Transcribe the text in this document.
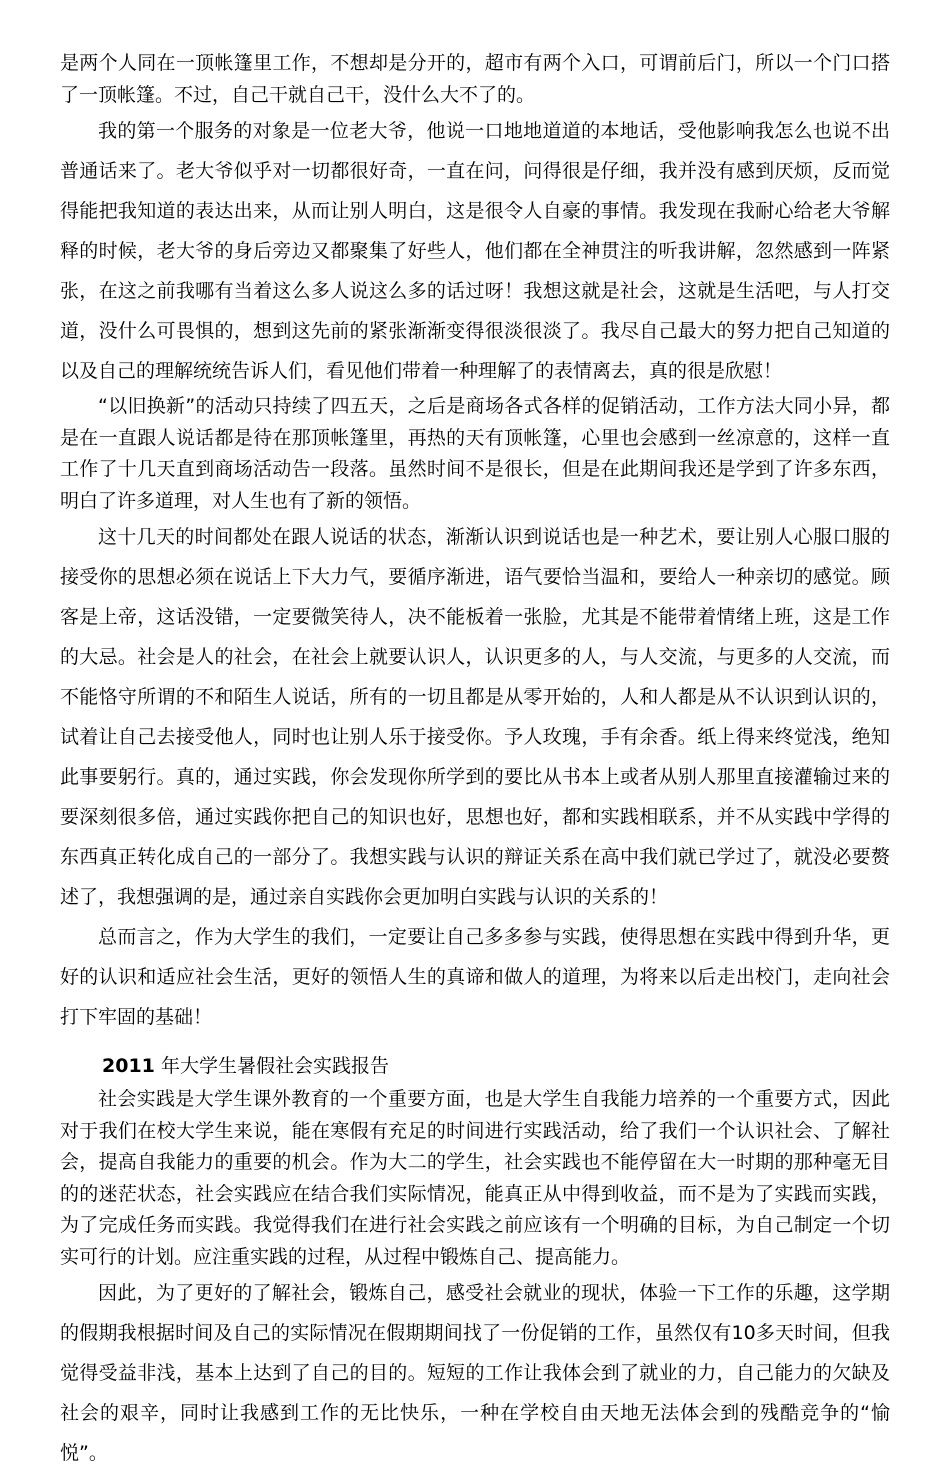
是两个人同在一顶帐篷里工作，不想却是分开的，超市有两个入口，可谓前后门，所以一个门口搭了一顶帐篷。不过，自己干就自己干，没什么大不了的。

我的第一个服务的对象是一位老大爷，他说一口地地道道的本地话，受他影响我怎么也说不出普通话来了。老大爷似乎对一切都很好奇，一直在问，问得很是仔细，我并没有感到厌烦，反而觉得能把我知道的表达出来，从而让别人明白，这是很令人自豪的事情。我发现在我耐心给老大爷解释的时候，老大爷的身后旁边又都聚集了好些人，他们都在全神贯注的听我讲解，忽然感到一阵紧张，在这之前我哪有当着这么多人说这么多的话过呀！我想这就是社会，这就是生活吧，与人打交道，没什么可畏惧的，想到这先前的紧张渐渐变得很淡很淡了。我尽自己最大的努力把自己知道的以及自己的理解统统告诉人们，看见他们带着一种理解了的表情离去，真的很是欣慰！

“以旧换新”的活动只持续了四五天，之后是商场各式各样的促销活动，工作方法大同小异，都是在一直跟人说话都是待在那顶帐篷里，再热的天有顶帐篷，心里也会感到一丝凉意的，这样一直工作了十几天直到商场活动告一段落。虽然时间不是很长，但是在此期间我还是学到了许多东西，明白了许多道理，对人生也有了新的领悟。

这十几天的时间都处在跟人说话的状态，渐渐认识到说话也是一种艺术，要让别人心服口服的接受你的思想必须在说话上下大力气，要循序渐进，语气要恰当温和，要给人一种亲切的感觉。顾客是上帝，这话没错，一定要微笑待人，决不能板着一张脸，尤其是不能带着情绪上班，这是工作的大忌。社会是人的社会，在社会上就要认识人，认识更多的人，与人交流，与更多的人交流，而不能恪守所谓的不和陌生人说话，所有的一切且都是从零开始的，人和人都是从不认识到认识的，试着让自己去接受他人，同时也让别人乐于接受你。予人玫瑰，手有余香。纸上得来终觉浅，绝知此事要躬行。真的，通过实践，你会发现你所学到的要比从书本上或者从别人那里直接灌输过来的要深刻很多倍，通过实践你把自己的知识也好，思想也好，都和实践相联系，并不从实践中学得的东西真正转化成自己的一部分了。我想实践与认识的辩证关系在高中我们就已学过了，就没必要赘述了，我想强调的是，通过亲自实践你会更加明白实践与认识的关系的！

总而言之，作为大学生的我们，一定要让自己多多参与实践，使得思想在实践中得到升华，更好的认识和适应社会生活，更好的领悟人生的真谛和做人的道理，为将来以后走出校门，走向社会打下牢固的基础！

2011 年大学生暑假社会实践报告

社会实践是大学生课外教育的一个重要方面，也是大学生自我能力培养的一个重要方式，因此对于我们在校大学生来说，能在寒假有充足的时间进行实践活动，给了我们一个认识社会、了解社会，提高自我能力的重要的机会。作为大二的学生，社会实践也不能停留在大一时期的那种毫无目的的迷茫状态，社会实践应在结合我们实际情况，能真正从中得到收益，而不是为了实践而实践，为了完成任务而实践。我觉得我们在进行社会实践之前应该有一个明确的目标，为自己制定一个切实可行的计划。应注重实践的过程，从过程中锻炼自己、提高能力。

因此，为了更好的了解社会，锻炼自己，感受社会就业的现状，体验一下工作的乐趣，这学期的假期我根据时间及自己的实际情况在假期期间找了一份促销的工作，虽然仅有10多天时间，但我觉得受益非浅，基本上达到了自己的目的。短短的工作让我体会到了就业的力，自己能力的欠缺及社会的艰辛，同时让我感到工作的无比快乐，一种在学校自由天地无法体会到的残酷竞争的“愉悦”。
